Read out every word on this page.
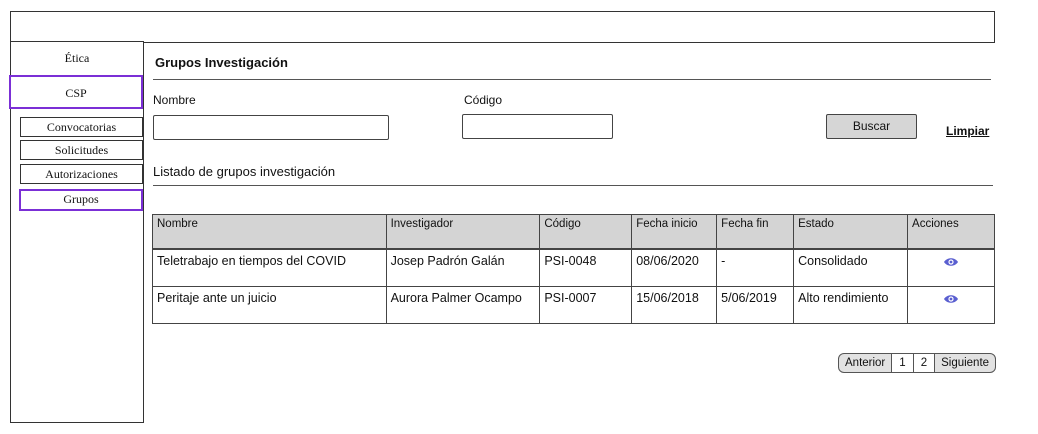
Ética
CSP
Convocatorias
Solicitudes
Autorizaciones
Grupos
Grupos Investigación
Nombre	Código
Buscar	Limpiar
Listado de grupos investigación
Nombre	Investigador	Código	Fecha inicio	Fecha fin	Estado	Acciones
Teletrabajo en tiempos del COVID	Josep Padrón Galán	PSI-0048	08/06/2020	-	Consolidado	
Peritaje ante un juicio	Aurora Palmer Ocampo	PSI-0007	15/06/2018	5/06/2019	Alto rendimiento	
Anterior	1	2	Siguiente
